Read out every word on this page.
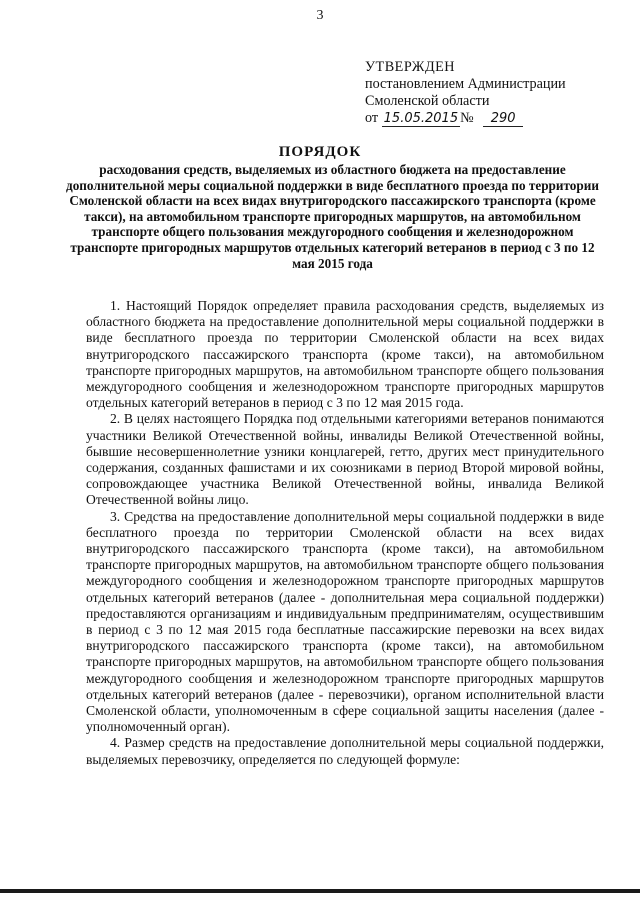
3
УТВЕРЖДЕН
постановлением Администрации
Смоленской области
от 15.05.2015 № 290
ПОРЯДОК
расходования средств, выделяемых из областного бюджета на предоставление дополнительной меры социальной поддержки в виде бесплатного проезда по территории Смоленской области на всех видах внутригородского пассажирского транспорта (кроме такси), на автомобильном транспорте пригородных маршрутов, на автомобильном транспорте общего пользования междугородного сообщения и железнодорожном транспорте пригородных маршрутов отдельных категорий ветеранов в период с 3 по 12 мая 2015 года

1. Настоящий Порядок определяет правила расходования средств, выделяемых из областного бюджета на предоставление дополнительной меры социальной поддержки в виде бесплатного проезда по территории Смоленской области на всех видах внутригородского пассажирского транспорта (кроме такси), на автомобильном транспорте пригородных маршрутов, на автомобильном транспорте общего пользования междугородного сообщения и железнодорожном транспорте пригородных маршрутов отдельных категорий ветеранов в период с 3 по 12 мая 2015 года.

2. В целях настоящего Порядка под отдельными категориями ветеранов понимаются участники Великой Отечественной войны, инвалиды Великой Отечественной войны, бывшие несовершеннолетние узники концлагерей, гетто, других мест принудительного содержания, созданных фашистами и их союзниками в период Второй мировой войны, сопровождающее участника Великой Отечественной войны, инвалида Великой Отечественной войны лицо.

3. Средства на предоставление дополнительной меры социальной поддержки в виде бесплатного проезда по территории Смоленской области на всех видах внутригородского пассажирского транспорта (кроме такси), на автомобильном транспорте пригородных маршрутов, на автомобильном транспорте общего пользования междугородного сообщения и железнодорожном транспорте пригородных маршрутов отдельных категорий ветеранов (далее - дополнительная мера социальной поддержки) предоставляются организациям и индивидуальным предпринимателям, осуществившим в период с 3 по 12 мая 2015 года бесплатные пассажирские перевозки на всех видах внутригородского пассажирского транспорта (кроме такси), на автомобильном транспорте пригородных маршрутов, на автомобильном транспорте общего пользования междугородного сообщения и железнодорожном транспорте пригородных маршрутов отдельных категорий ветеранов (далее - перевозчики), органом исполнительной власти Смоленской области, уполномоченным в сфере социальной защиты населения (далее - уполномоченный орган).

4. Размер средств на предоставление дополнительной меры социальной поддержки, выделяемых перевозчику, определяется по следующей формуле:
